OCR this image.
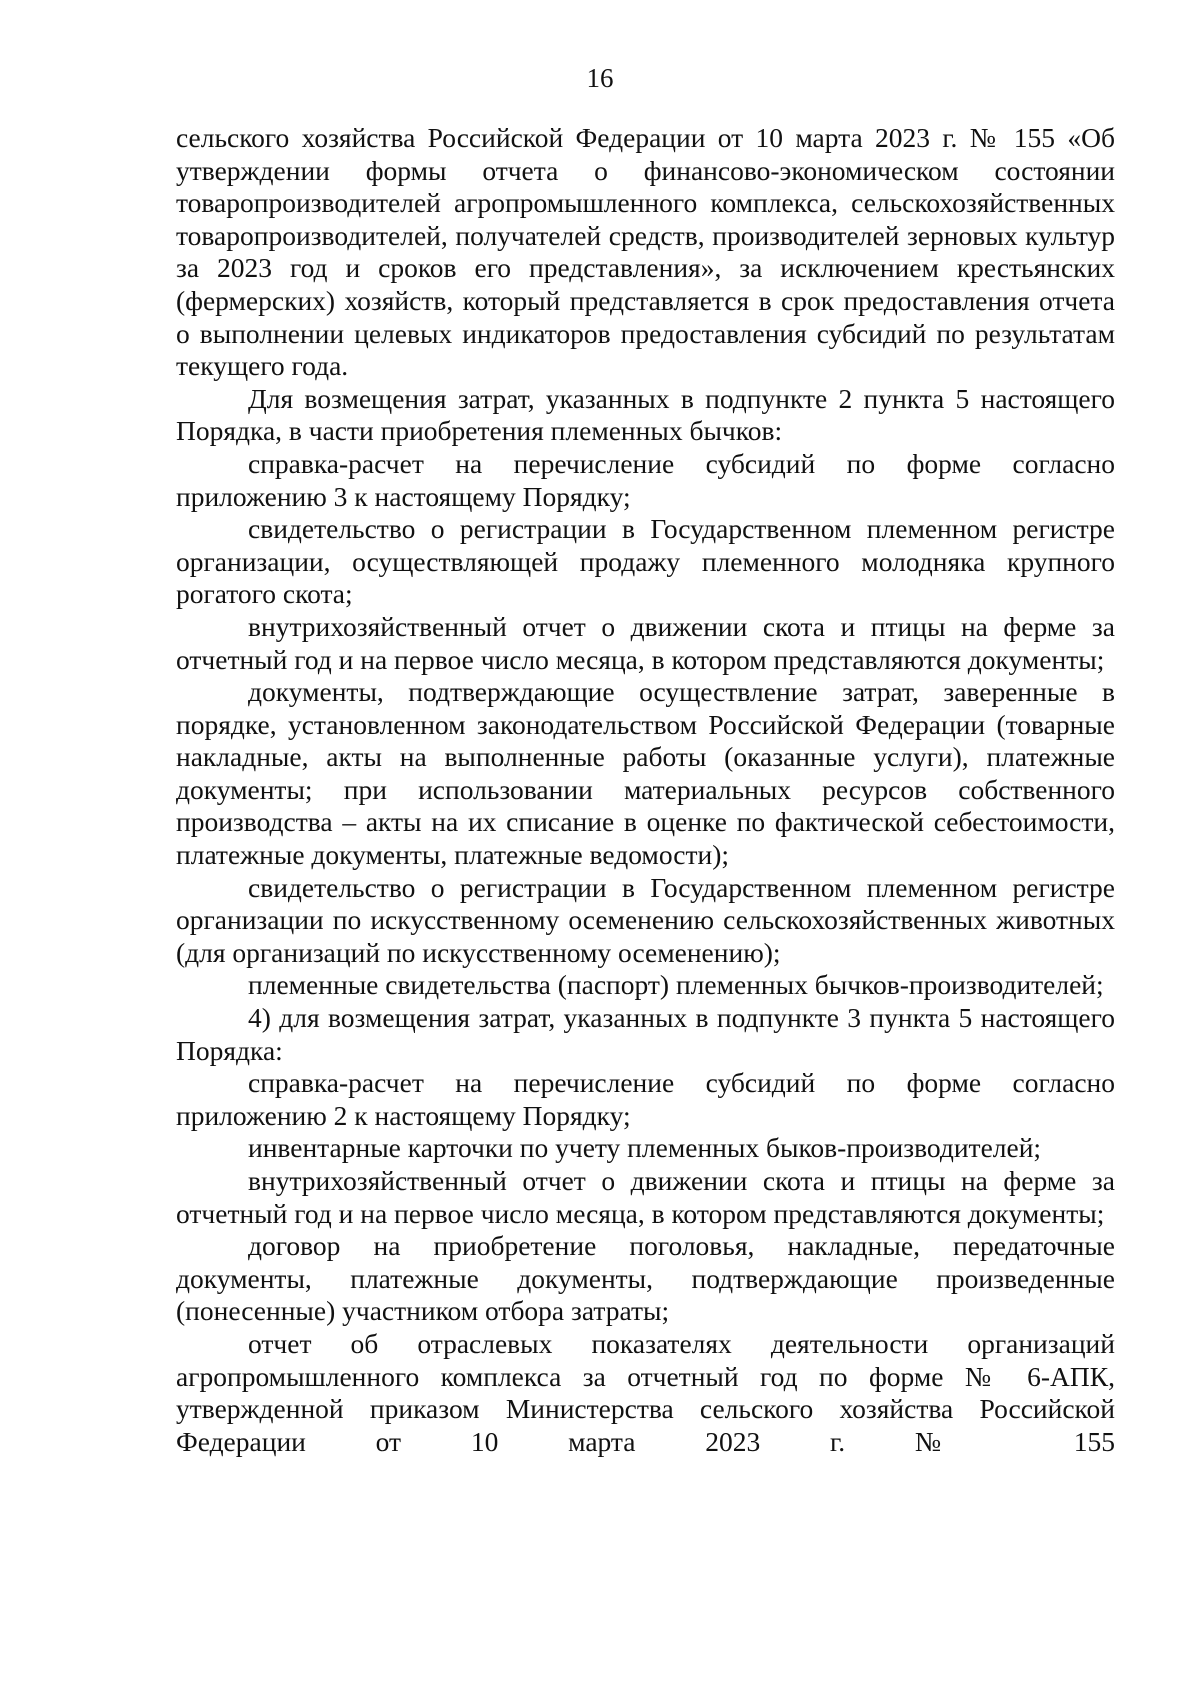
16

сельского хозяйства Российской Федерации от 10 марта 2023 г. № 155 «Об утверждении формы отчета о финансово-экономическом состоянии товаропроизводителей агропромышленного комплекса, сельскохозяйственных товаропроизводителей, получателей средств, производителей зерновых культур за 2023 год и сроков его представления», за исключением крестьянских (фермерских) хозяйств, который представляется в срок предоставления отчета о выполнении целевых индикаторов предоставления субсидий по результатам текущего года.

Для возмещения затрат, указанных в подпункте 2 пункта 5 настоящего Порядка, в части приобретения племенных бычков:

справка-расчет на перечисление субсидий по форме согласно приложению 3 к настоящему Порядку;

свидетельство о регистрации в Государственном племенном регистре организации, осуществляющей продажу племенного молодняка крупного рогатого скота;

внутрихозяйственный отчет о движении скота и птицы на ферме за отчетный год и на первое число месяца, в котором представляются документы;

документы, подтверждающие осуществление затрат, заверенные в порядке, установленном законодательством Российской Федерации (товарные накладные, акты на выполненные работы (оказанные услуги), платежные документы; при использовании материальных ресурсов собственного производства – акты на их списание в оценке по фактической себестоимости, платежные документы, платежные ведомости);

свидетельство о регистрации в Государственном племенном регистре организации по искусственному осеменению сельскохозяйственных животных (для организаций по искусственному осеменению);

племенные свидетельства (паспорт) племенных бычков-производителей;

4) для возмещения затрат, указанных в подпункте 3 пункта 5 настоящего Порядка:

справка-расчет на перечисление субсидий по форме согласно приложению 2 к настоящему Порядку;

инвентарные карточки по учету племенных быков-производителей;

внутрихозяйственный отчет о движении скота и птицы на ферме за отчетный год и на первое число месяца, в котором представляются документы;

договор на приобретение поголовья, накладные, передаточные документы, платежные документы, подтверждающие произведенные (понесенные) участником отбора затраты;

отчет об отраслевых показателях деятельности организаций агропромышленного комплекса за отчетный год по форме № 6-АПК, утвержденной приказом Министерства сельского хозяйства Российской Федерации от 10 марта 2023 г. № 155
